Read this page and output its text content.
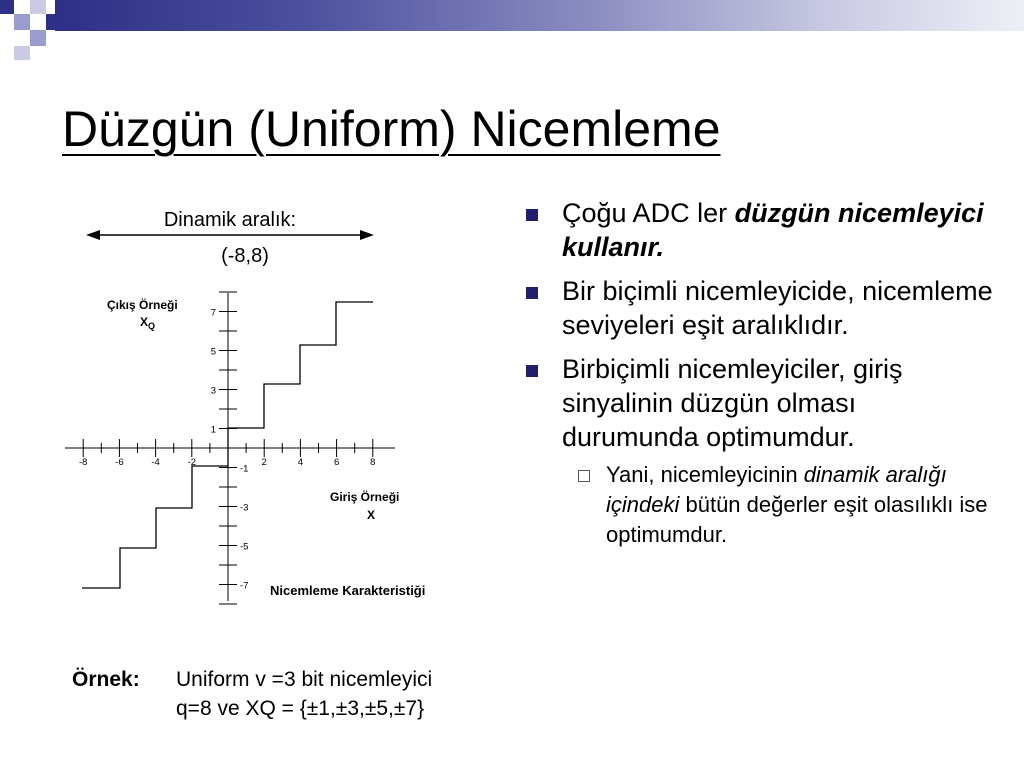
Düzgün (Uniform) Nicemleme
Dinamik aralık:
(-8,8)
Çıkış Örneği
$X_Q$
Giriş Örneği
X
Nicemleme Karakteristiği
-8	-6	-4	-2	2	4	6	8
7
5
3
1
-1
-3
-5
-7
Örnek: Uniform v =3 bit nicemleyici
q=8 ve XQ = {±1,±3,±5,±7}
Çoğu ADC ler düzgün nicemleyici kullanır.
Bir biçimli nicemleyicide, nicemleme seviyeleri eşit aralıklıdır.
Birbiçimli nicemleyiciler, giriş sinyalinin düzgün olması durumunda optimumdur.
Yani, nicemleyicinin dinamik aralığı içindeki bütün değerler eşit olasılıklı ise optimumdur.
